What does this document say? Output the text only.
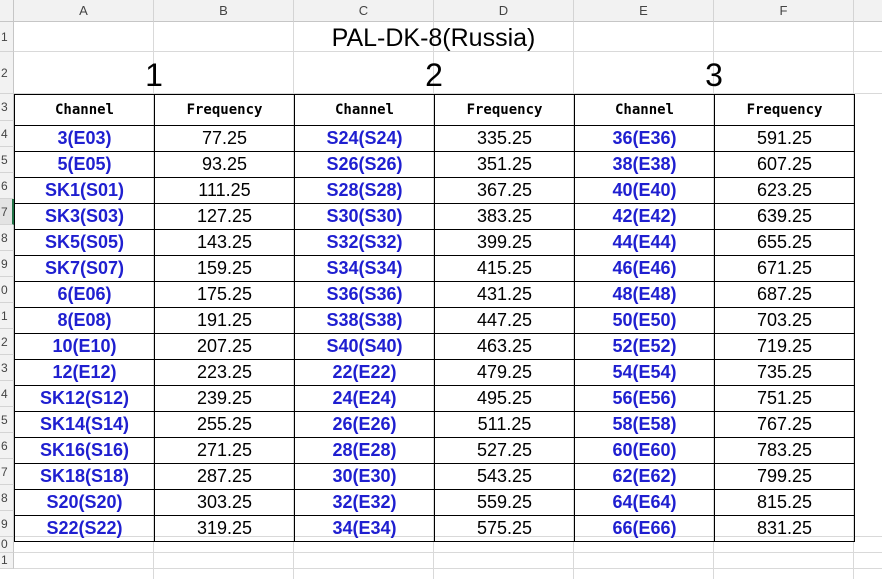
A	B	C	D	E	F
1
2
3
4
5
6
7
8
9
0
1
2
3
4
5
6
7
8
9
0
1
PAL-DK-8(Russia)
1	2	3
Channel	Frequency	Channel	Frequency	Channel	Frequency
3(E03)	77.25	S24(S24)	335.25	36(E36)	591.25
5(E05)	93.25	S26(S26)	351.25	38(E38)	607.25
SK1(S01)	111.25	S28(S28)	367.25	40(E40)	623.25
SK3(S03)	127.25	S30(S30)	383.25	42(E42)	639.25
SK5(S05)	143.25	S32(S32)	399.25	44(E44)	655.25
SK7(S07)	159.25	S34(S34)	415.25	46(E46)	671.25
6(E06)	175.25	S36(S36)	431.25	48(E48)	687.25
8(E08)	191.25	S38(S38)	447.25	50(E50)	703.25
10(E10)	207.25	S40(S40)	463.25	52(E52)	719.25
12(E12)	223.25	22(E22)	479.25	54(E54)	735.25
SK12(S12)	239.25	24(E24)	495.25	56(E56)	751.25
SK14(S14)	255.25	26(E26)	511.25	58(E58)	767.25
SK16(S16)	271.25	28(E28)	527.25	60(E60)	783.25
SK18(S18)	287.25	30(E30)	543.25	62(E62)	799.25
S20(S20)	303.25	32(E32)	559.25	64(E64)	815.25
S22(S22)	319.25	34(E34)	575.25	66(E66)	831.25
